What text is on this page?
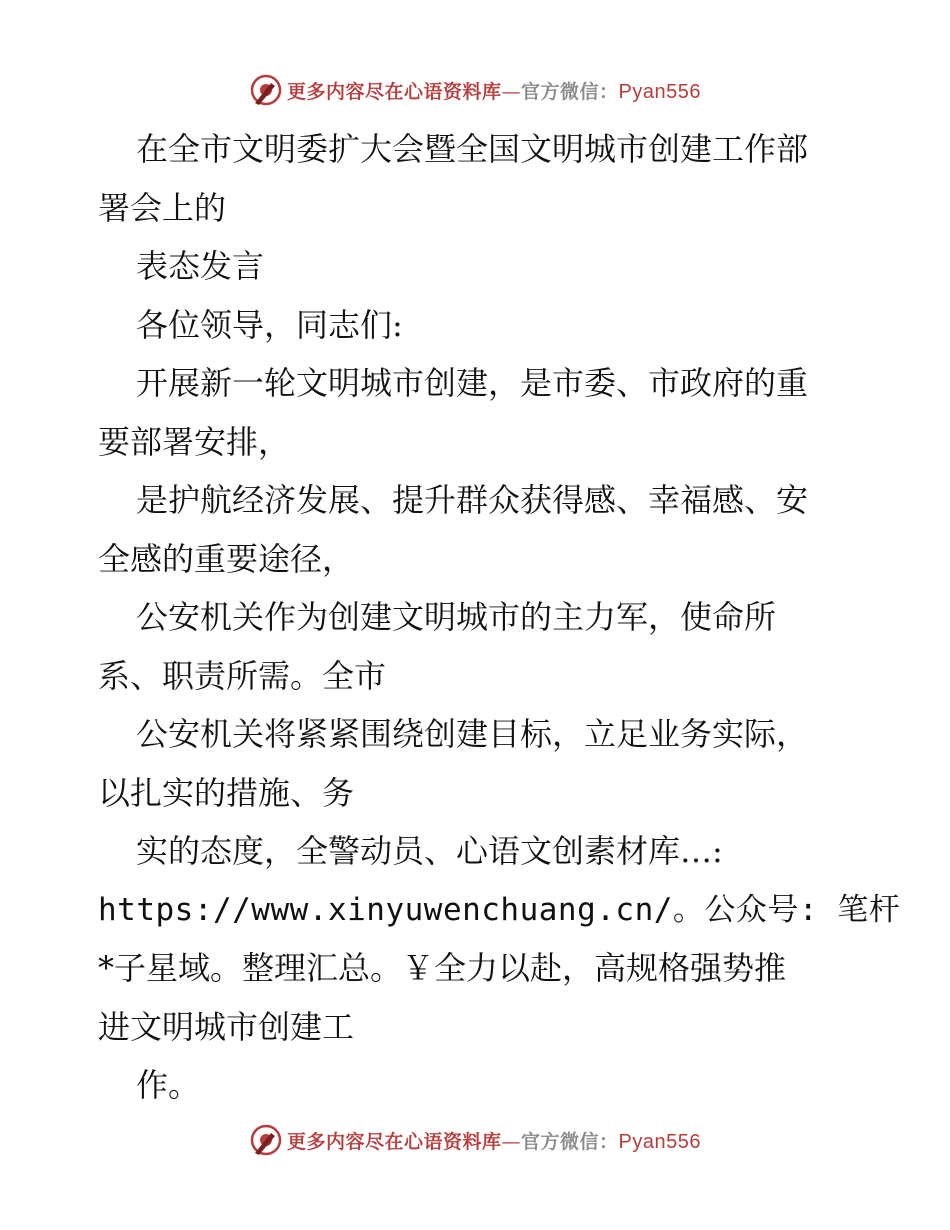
更多内容尽在心语资料库—官方微信：Pyan556
在全市文明委扩大会暨全国文明城市创建工作部
署会上的
表态发言
各位领导，同志们:
开展新一轮文明城市创建，是市委、市政府的重
要部署安排，
是护航经济发展、提升群众获得感、幸福感、安
全感的重要途径，
公安机关作为创建文明城市的主力军，使命所
系、职责所需。全市
公安机关将紧紧围绕创建目标，立足业务实际，
以扎实的措施、务
实的态度，全警动员、心语文创素材库…:
https://www.xinyuwenchuang.cn/。公众号: 笔杆
*子星域。整理汇总。￥全力以赴，高规格强势推
进文明城市创建工
作。
更多内容尽在心语资料库—官方微信：Pyan556
